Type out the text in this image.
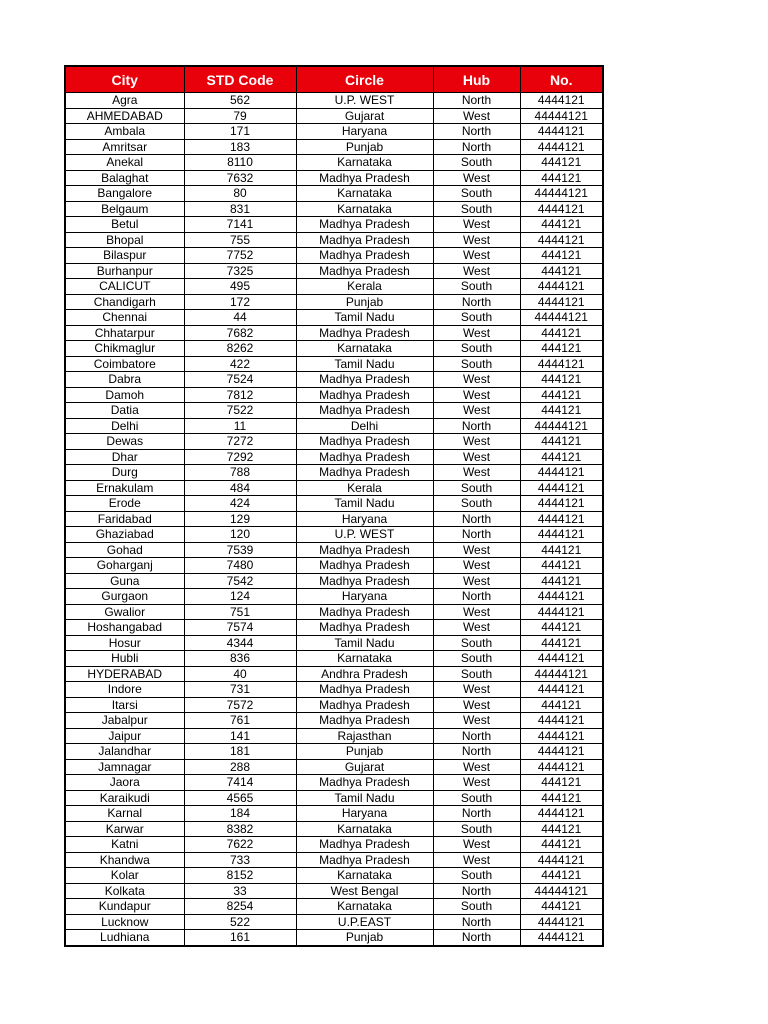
City	STD Code	Circle	Hub	No.
Agra	562	U.P. WEST	North	4444121
AHMEDABAD	79	Gujarat	West	44444121
Ambala	171	Haryana	North	4444121
Amritsar	183	Punjab	North	4444121
Anekal	8110	Karnataka	South	444121
Balaghat	7632	Madhya Pradesh	West	444121
Bangalore	80	Karnataka	South	44444121
Belgaum	831	Karnataka	South	4444121
Betul	7141	Madhya Pradesh	West	444121
Bhopal	755	Madhya Pradesh	West	4444121
Bilaspur	7752	Madhya Pradesh	West	444121
Burhanpur	7325	Madhya Pradesh	West	444121
CALICUT	495	Kerala	South	4444121
Chandigarh	172	Punjab	North	4444121
Chennai	44	Tamil Nadu	South	44444121
Chhatarpur	7682	Madhya Pradesh	West	444121
Chikmaglur	8262	Karnataka	South	444121
Coimbatore	422	Tamil Nadu	South	4444121
Dabra	7524	Madhya Pradesh	West	444121
Damoh	7812	Madhya Pradesh	West	444121
Datia	7522	Madhya Pradesh	West	444121
Delhi	11	Delhi	North	44444121
Dewas	7272	Madhya Pradesh	West	444121
Dhar	7292	Madhya Pradesh	West	444121
Durg	788	Madhya Pradesh	West	4444121
Ernakulam	484	Kerala	South	4444121
Erode	424	Tamil Nadu	South	4444121
Faridabad	129	Haryana	North	4444121
Ghaziabad	120	U.P. WEST	North	4444121
Gohad	7539	Madhya Pradesh	West	444121
Goharganj	7480	Madhya Pradesh	West	444121
Guna	7542	Madhya Pradesh	West	444121
Gurgaon	124	Haryana	North	4444121
Gwalior	751	Madhya Pradesh	West	4444121
Hoshangabad	7574	Madhya Pradesh	West	444121
Hosur	4344	Tamil Nadu	South	444121
Hubli	836	Karnataka	South	4444121
HYDERABAD	40	Andhra Pradesh	South	44444121
Indore	731	Madhya Pradesh	West	4444121
Itarsi	7572	Madhya Pradesh	West	444121
Jabalpur	761	Madhya Pradesh	West	4444121
Jaipur	141	Rajasthan	North	4444121
Jalandhar	181	Punjab	North	4444121
Jamnagar	288	Gujarat	West	4444121
Jaora	7414	Madhya Pradesh	West	444121
Karaikudi	4565	Tamil Nadu	South	444121
Karnal	184	Haryana	North	4444121
Karwar	8382	Karnataka	South	444121
Katni	7622	Madhya Pradesh	West	444121
Khandwa	733	Madhya Pradesh	West	4444121
Kolar	8152	Karnataka	South	444121
Kolkata	33	West Bengal	North	44444121
Kundapur	8254	Karnataka	South	444121
Lucknow	522	U.P.EAST	North	4444121
Ludhiana	161	Punjab	North	4444121
